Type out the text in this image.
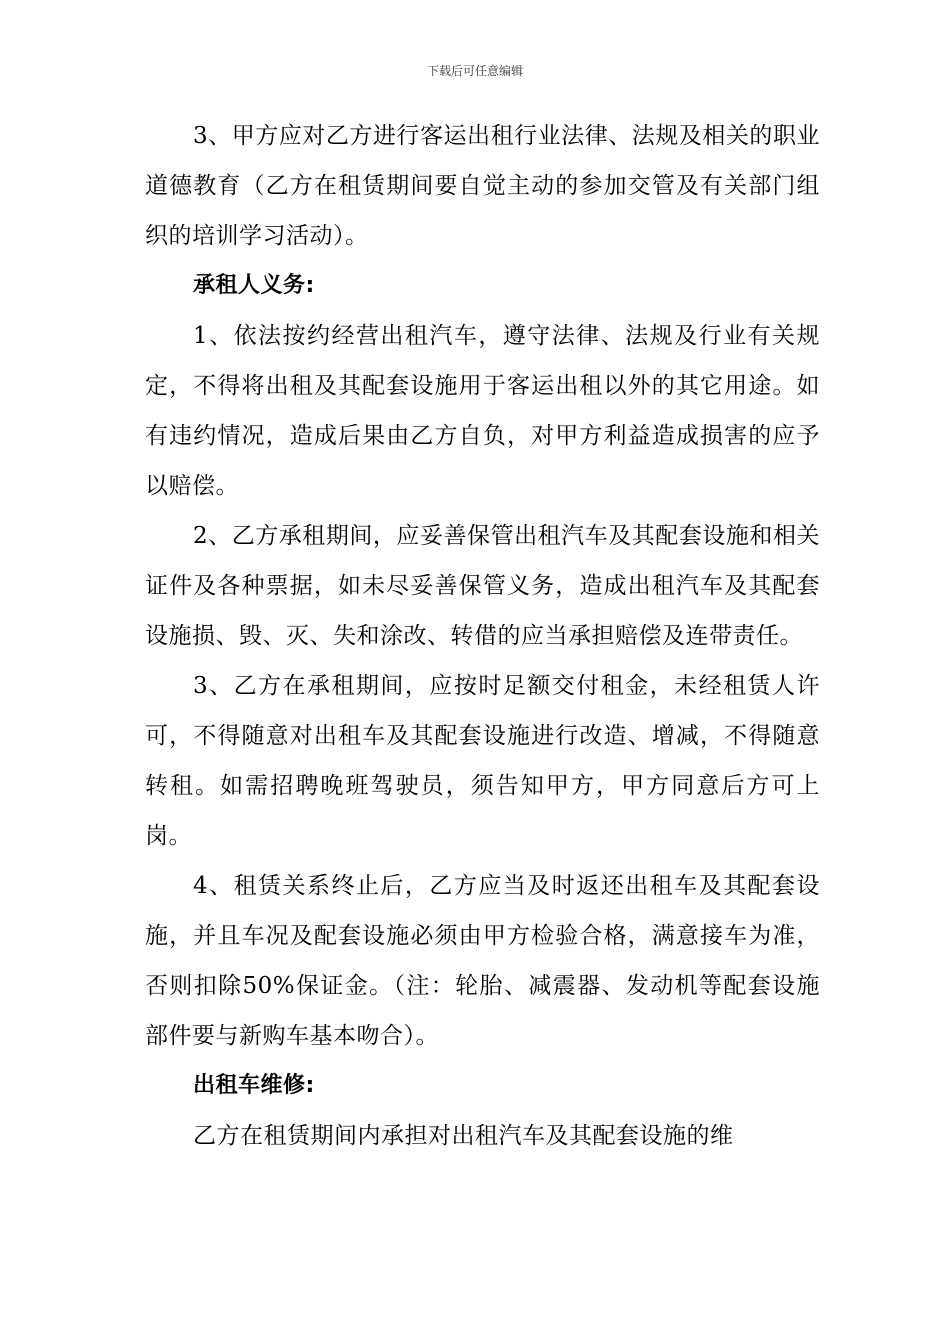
下载后可任意编辑

3、甲方应对乙方进行客运出租行业法律、法规及相关的职业道德教育（乙方在租赁期间要自觉主动的参加交管及有关部门组织的培训学习活动）。

承租人义务:

1、依法按约经营出租汽车，遵守法律、法规及行业有关规定，不得将出租及其配套设施用于客运出租以外的其它用途。如有违约情况，造成后果由乙方自负，对甲方利益造成损害的应予以赔偿。

2、乙方承租期间，应妥善保管出租汽车及其配套设施和相关证件及各种票据，如未尽妥善保管义务，造成出租汽车及其配套设施损、毁、灭、失和涂改、转借的应当承担赔偿及连带责任。

3、乙方在承租期间，应按时足额交付租金，未经租赁人许可，不得随意对出租车及其配套设施进行改造、增减，不得随意转租。如需招聘晚班驾驶员，须告知甲方，甲方同意后方可上岗。

4、租赁关系终止后，乙方应当及时返还出租车及其配套设施，并且车况及配套设施必须由甲方检验合格，满意接车为准，否则扣除50%保证金。（注：轮胎、减震器、发动机等配套设施部件要与新购车基本吻合）。

出租车维修:

乙方在租赁期间内承担对出租汽车及其配套设施的维
